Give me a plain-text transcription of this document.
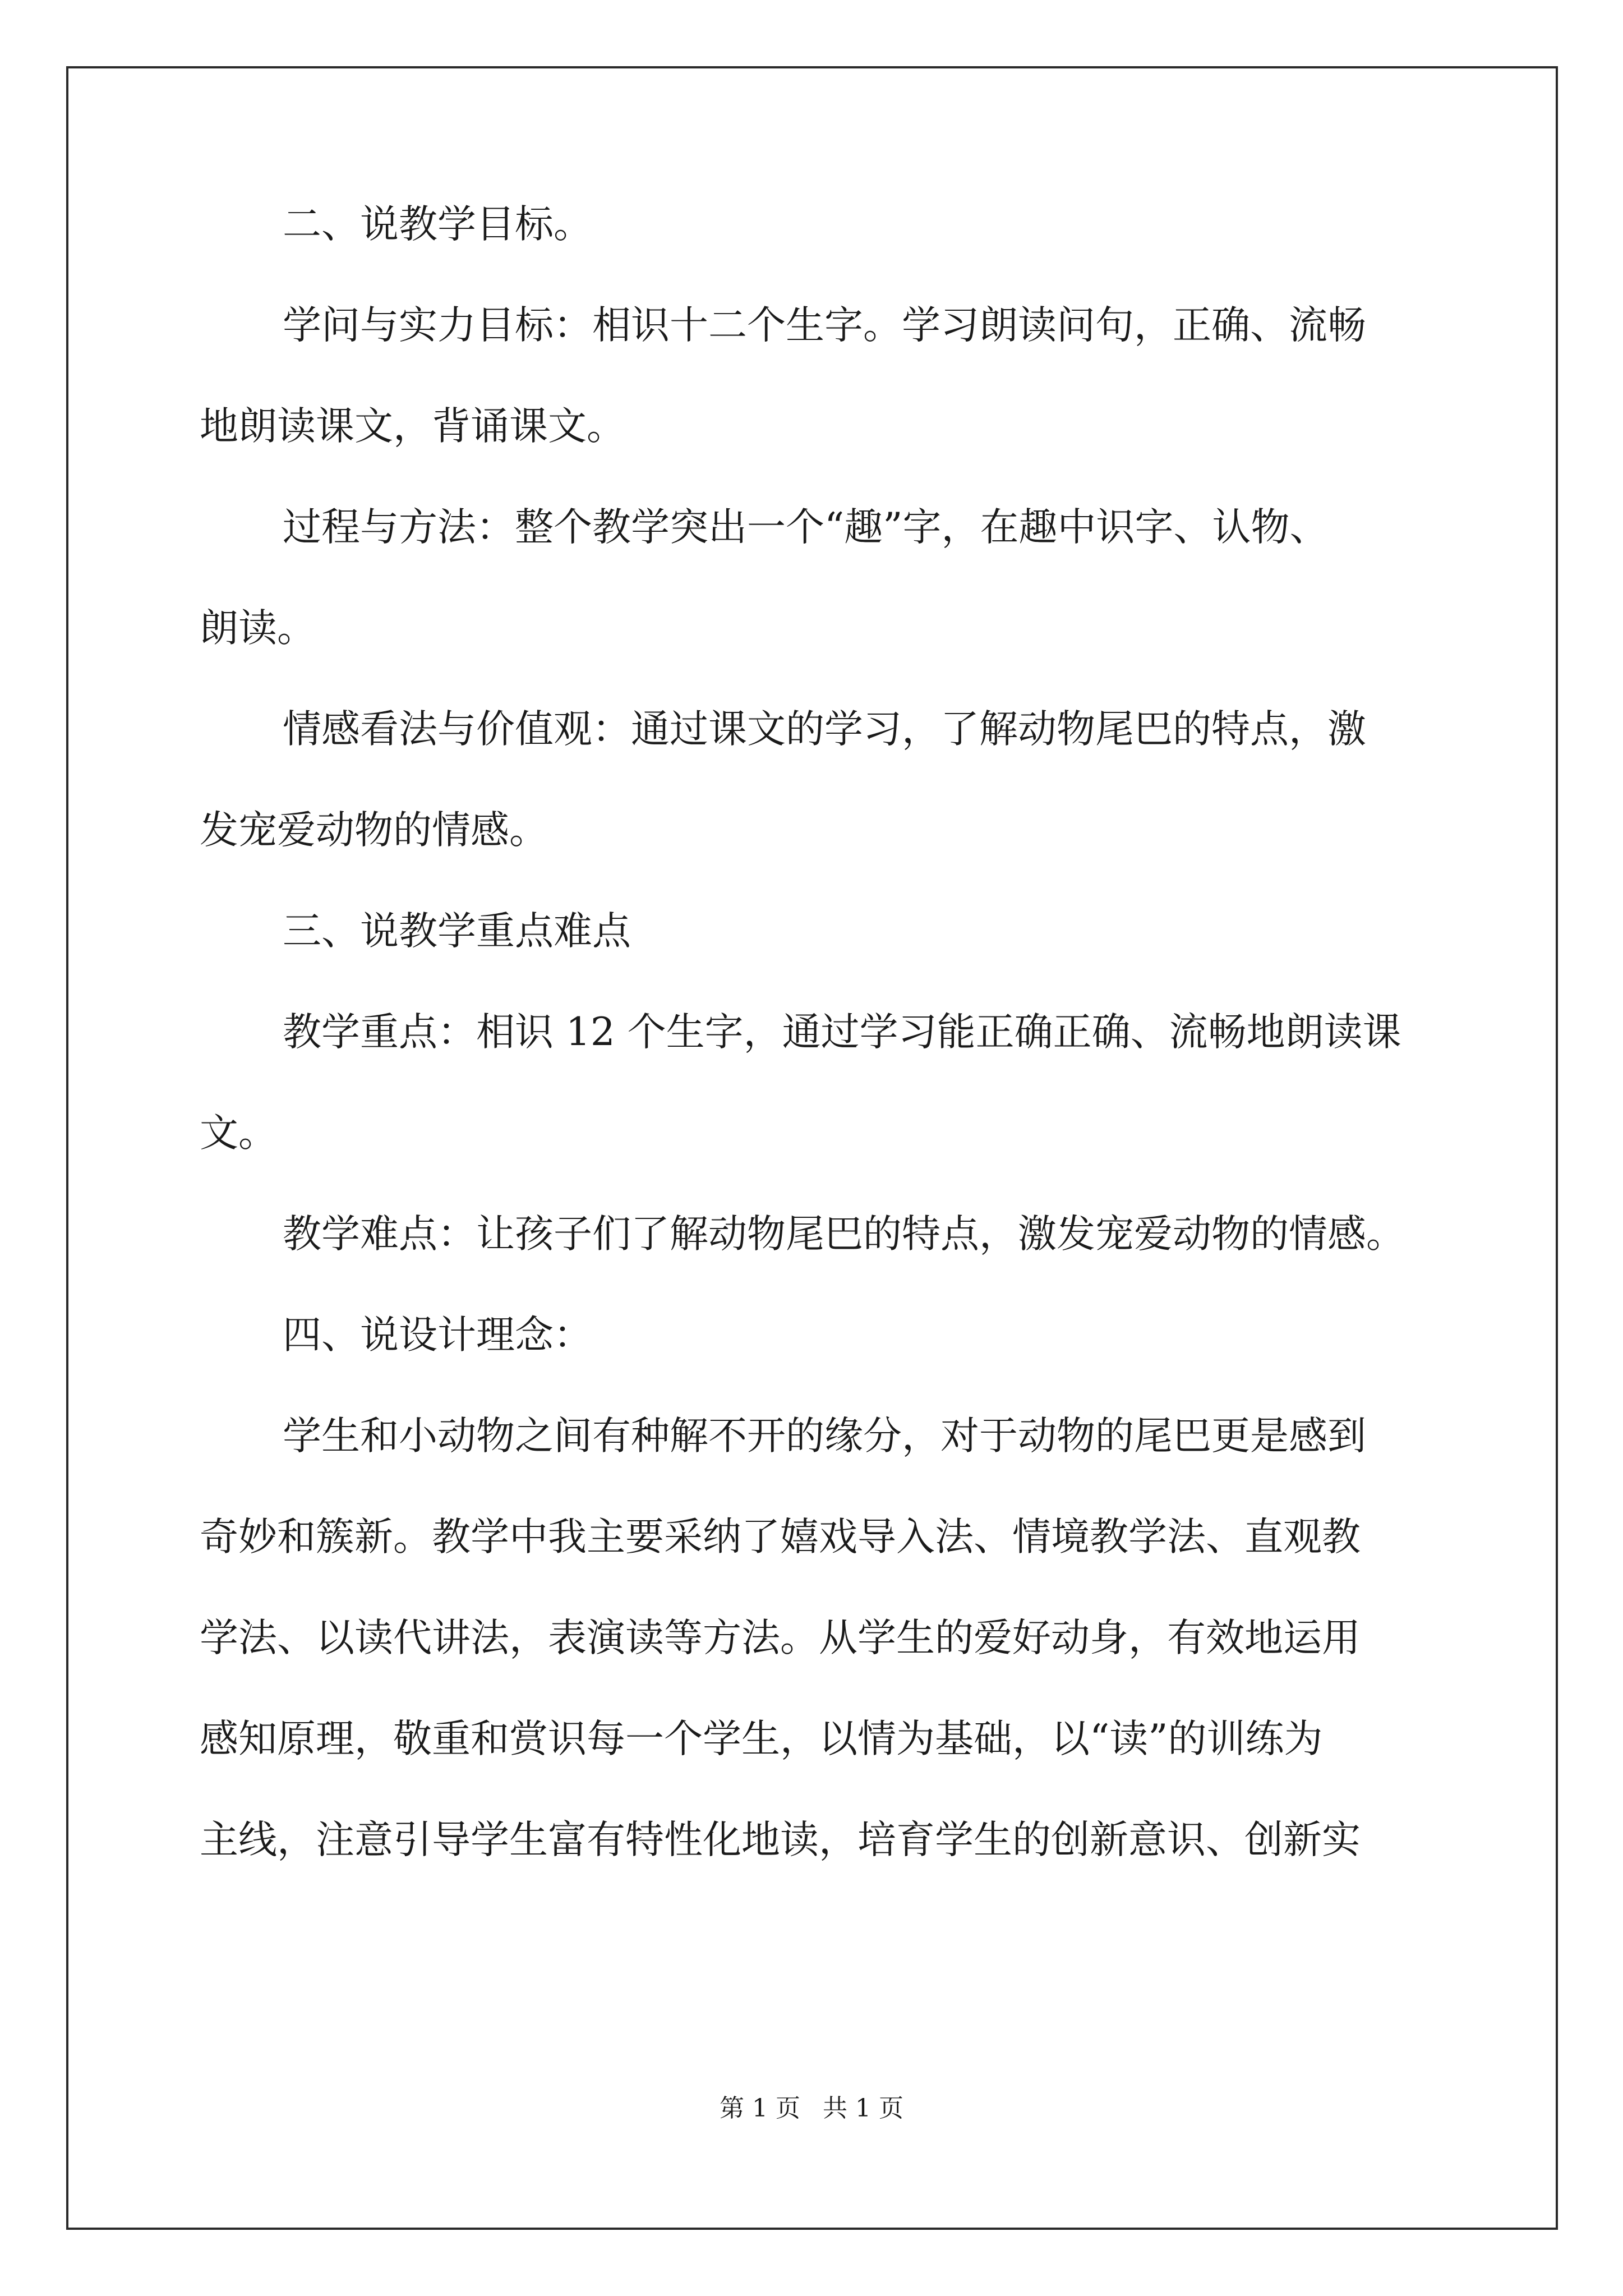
二、说教学目标。
学问与实力目标：相识十二个生字。学习朗读问句，正确、流畅
地朗读课文，背诵课文。
过程与方法：整个教学突出一个“趣”字，在趣中识字、认物、
朗读。
情感看法与价值观：通过课文的学习，了解动物尾巴的特点，激
发宠爱动物的情感。
三、说教学重点难点
教学重点：相识 12 个生字，通过学习能正确正确、流畅地朗读课
文。
教学难点：让孩子们了解动物尾巴的特点，激发宠爱动物的情感。
四、说设计理念：
学生和小动物之间有种解不开的缘分，对于动物的尾巴更是感到
奇妙和簇新。教学中我主要采纳了嬉戏导入法、情境教学法、直观教
学法、以读代讲法，表演读等方法。从学生的爱好动身，有效地运用
感知原理，敬重和赏识每一个学生，以情为基础，以“读”的训练为
主线，注意引导学生富有特性化地读，培育学生的创新意识、创新实
第 1 页 共 1 页
